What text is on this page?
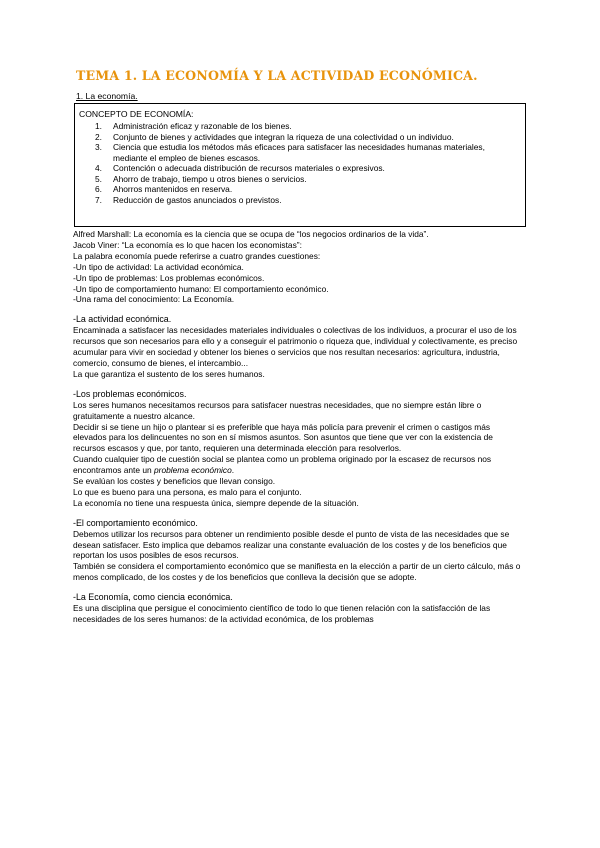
TEMA 1. LA ECONOMÍA Y LA ACTIVIDAD ECONÓMICA.
1. La economía.
CONCEPTO DE ECONOMÍA:
1. Administración eficaz y razonable de los bienes.
2. Conjunto de bienes y actividades que integran la riqueza de una colectividad o un individuo.
3. Ciencia que estudia los métodos más eficaces para satisfacer las necesidades humanas materiales, mediante el empleo de bienes escasos.
4. Contención o adecuada distribución de recursos materiales o expresivos.
5. Ahorro de trabajo, tiempo u otros bienes o servicios.
6. Ahorros mantenidos en reserva.
7. Reducción de gastos anunciados o previstos.

Alfred Marshall: La economía es la ciencia que se ocupa de “los negocios ordinarios de la vida”.

Jacob Viner: “La economía es lo que hacen los economistas”:

La palabra economía puede referirse a cuatro grandes cuestiones:

-Un tipo de actividad: La actividad económica.

-Un tipo de problemas: Los problemas económicos.

-Un tipo de comportamiento humano: El comportamiento económico.

-Una rama del conocimiento: La Economía.

-La actividad económica.

Encaminada a satisfacer las necesidades materiales individuales o colectivas de los individuos, a procurar el uso de los recursos que son necesarios para ello y a conseguir el patrimonio o riqueza que, individual y colectivamente, es preciso acumular para vivir en sociedad y obtener los bienes o servicios que nos resultan necesarios: agricultura, industria, comercio, consumo de bienes, el intercambio...

La que garantiza el sustento de los seres humanos.

-Los problemas económicos.

Los seres humanos necesitamos recursos para satisfacer nuestras necesidades, que no siempre están libre o gratuitamente a nuestro alcance.

Decidir si se tiene un hijo o plantear si es preferible que haya más policía para prevenir el crimen o castigos más elevados para los delincuentes no son en sí mismos asuntos. Son asuntos que tiene que ver con la existencia de recursos escasos y que, por tanto, requieren una determinada elección para resolverlos.

Cuando cualquier tipo de cuestión social se plantea como un problema originado por la escasez de recursos nos encontramos ante un problema económico.

Se evalúan los costes y beneficios que llevan consigo.

Lo que es bueno para una persona, es malo para el conjunto.

La economía no tiene una respuesta única, siempre depende de la situación.

-El comportamiento económico.

Debemos utilizar los recursos para obtener un rendimiento posible desde el punto de vista de las necesidades que se desean satisfacer. Esto implica que debamos realizar una constante evaluación de los costes y de los beneficios que reportan los usos posibles de esos recursos.

También se considera el comportamiento económico que se manifiesta en la elección a partir de un cierto cálculo, más o menos complicado, de los costes y de los beneficios que conlleva la decisión que se adopte.

-La Economía, como ciencia económica.

Es una disciplina que persigue el conocimiento científico de todo lo que tienen relación con la satisfacción de las necesidades de los seres humanos: de la actividad económica, de los problemas
